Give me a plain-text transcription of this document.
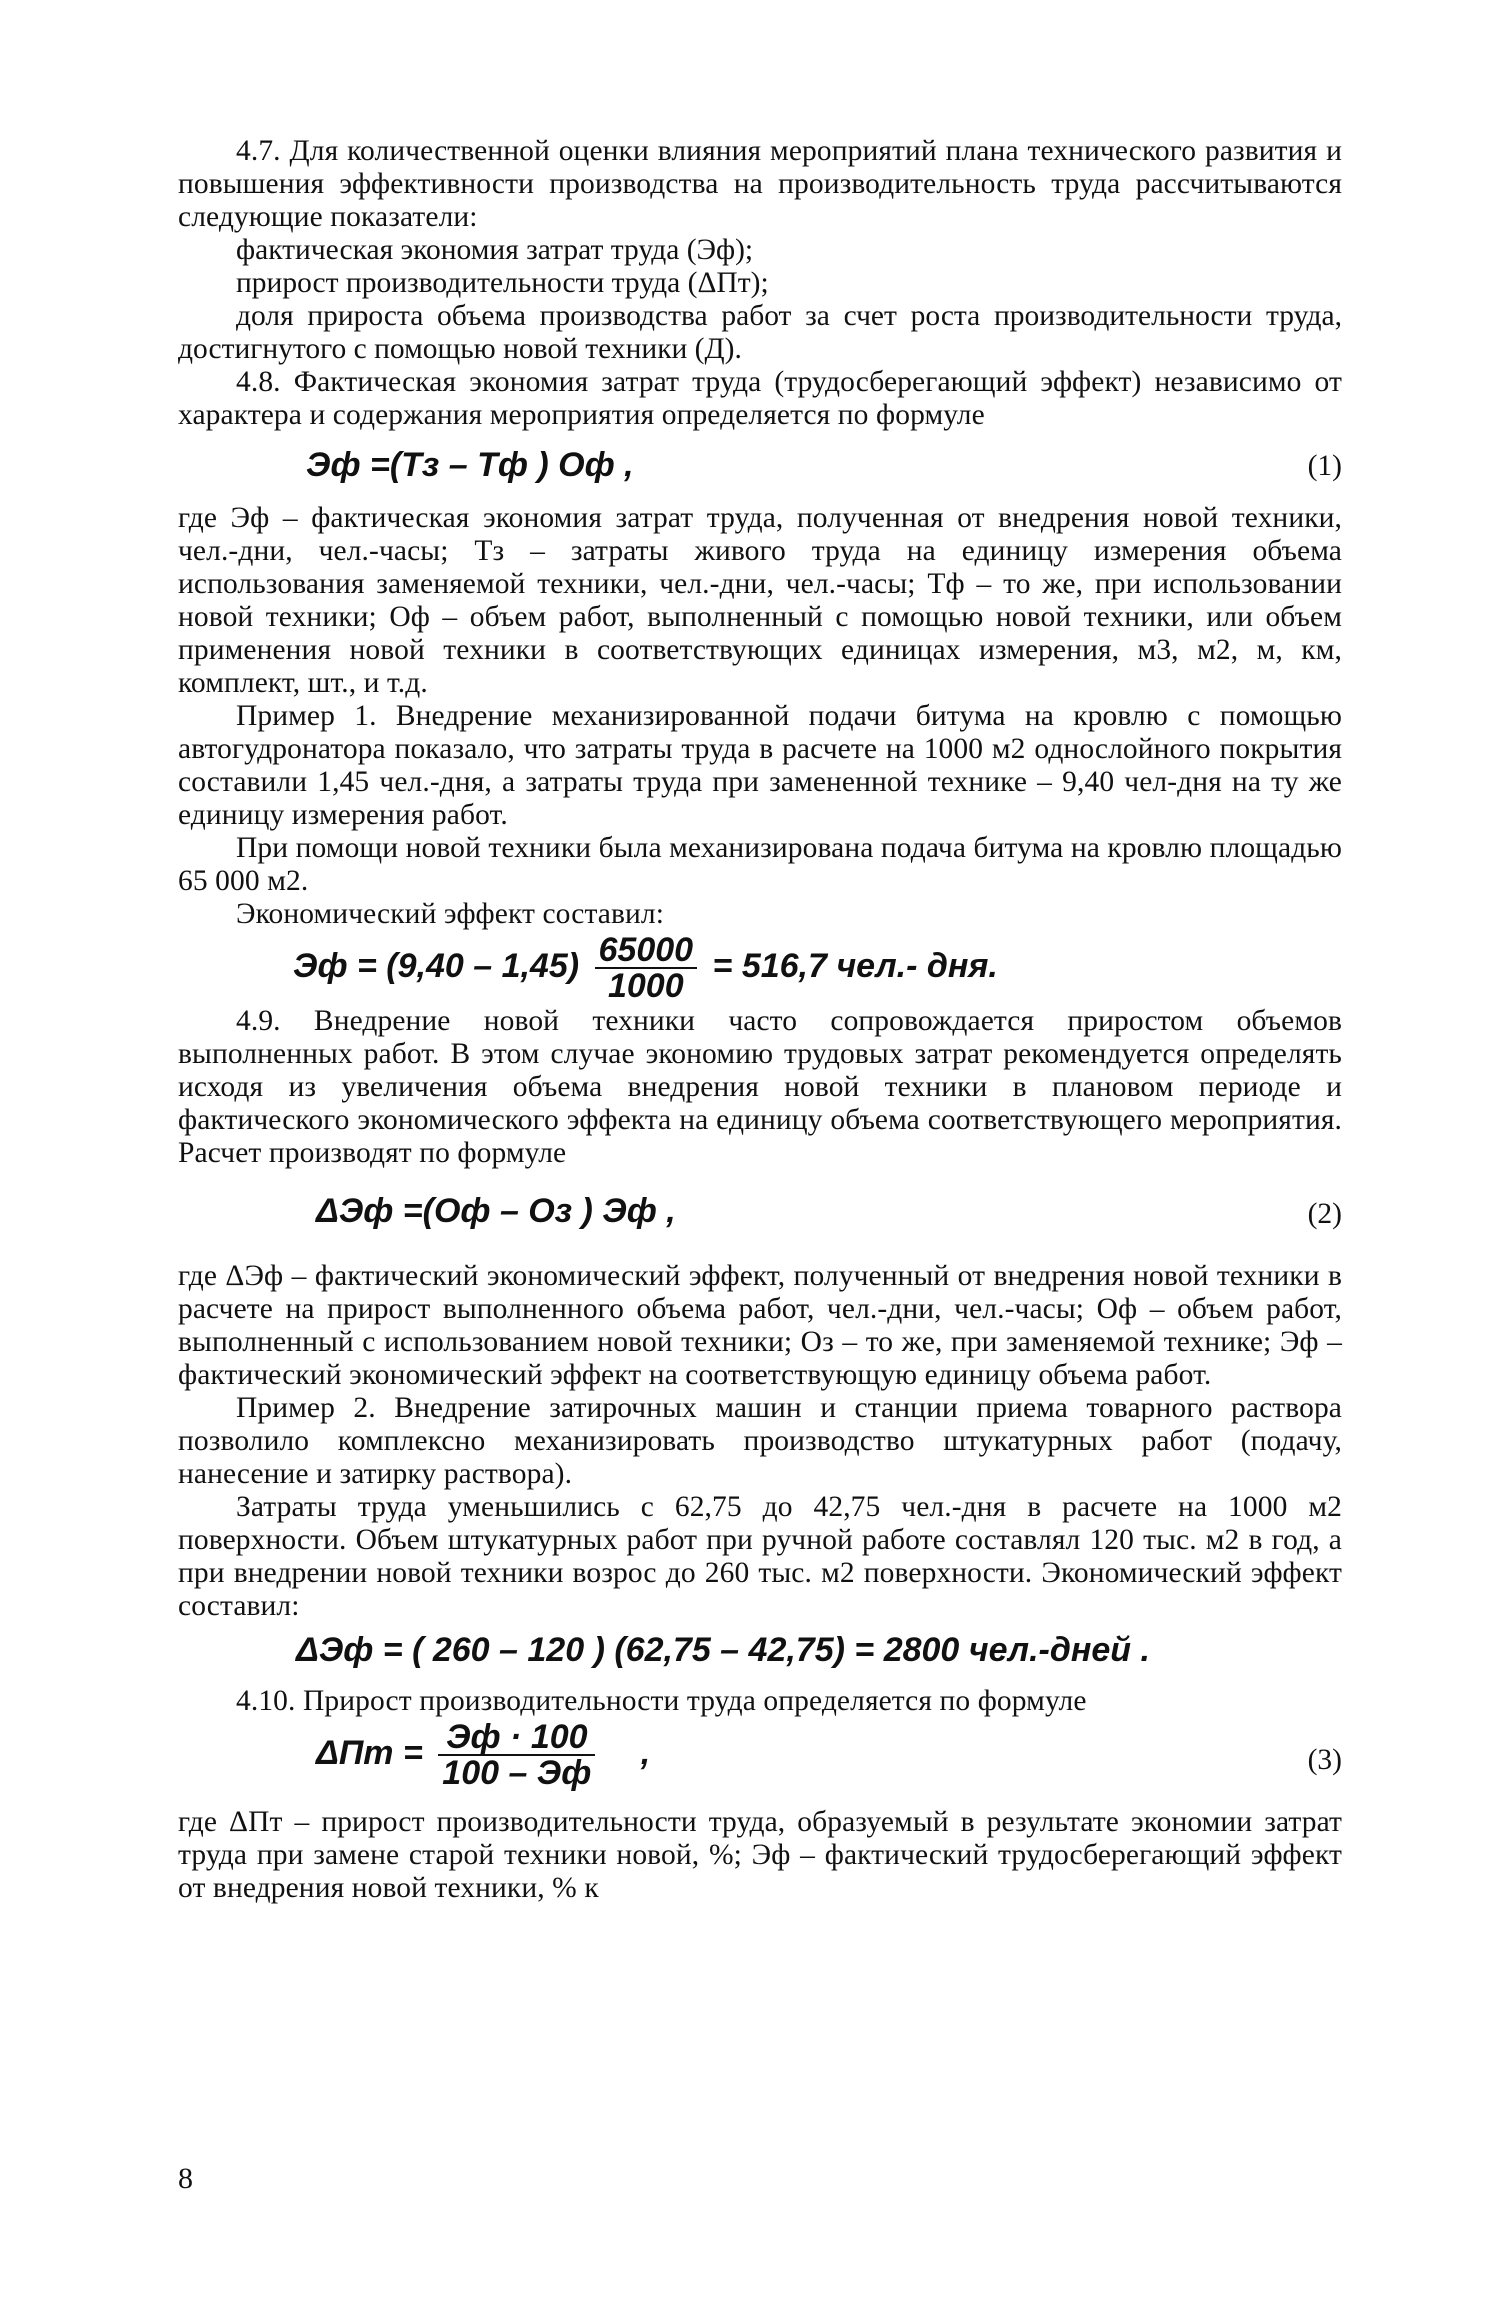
4.7. Для количественной оценки влияния мероприятий плана технического развития и повышения эффективности производства на производительность труда рассчитываются следующие показатели:

фактическая экономия затрат труда (Эф);

прирост производительности труда (ΔПт);

доля прироста объема производства работ за счет роста производительности труда, достигнутого с помощью новой техники (Д).

4.8. Фактическая экономия затрат труда (трудосберегающий эффект) независимо от характера и содержания мероприятия определяется по формуле

Эф =(Тз – Тф ) Оф ,	(1)

где Эф – фактическая экономия затрат труда, полученная от внедрения новой техники, чел.-дни, чел.-часы; Тз – затраты живого труда на единицу измерения объема использования заменяемой техники, чел.-дни, чел.-часы; Тф – то же, при использовании новой техники; Оф – объем работ, выполненный с помощью новой техники, или объем применения новой техники в соответствующих единицах измерения, м3, м2, м, км, комплект, шт., и т.д.

Пример 1. Внедрение механизированной подачи битума на кровлю с помощью автогудронатора показало, что затраты труда в расчете на 1000 м2 однослойного покрытия составили 1,45 чел.-дня, а затраты труда при замененной технике – 9,40 чел-дня на ту же единицу измерения работ.

При помощи новой техники была механизирована подача битума на кровлю площадью 65 000 м2.

Экономический эффект составил:

Эф = $(9,40 - 1,45) \frac{65000}{1000} = 516,7$ чел.- дня.

4.9. Внедрение новой техники часто сопровождается приростом объемов выполненных работ. В этом случае экономию трудовых затрат рекомендуется определять исходя из увеличения объема внедрения новой техники в плановом периоде и фактического экономического эффекта на единицу объема соответствующего мероприятия. Расчет производят по формуле

ΔЭф =(Оф – Оз ) Эф ,	(2)

где ΔЭф – фактический экономический эффект, полученный от внедрения новой техники в расчете на прирост выполненного объема работ, чел.-дни, чел.-часы; Оф – объем работ, выполненный с использованием новой техники; Оз – то же, при заменяемой технике; Эф – фактический экономический эффект на соответствующую единицу объема работ.

Пример 2. Внедрение затирочных машин и станции приема товарного раствора позволило комплексно механизировать производство штукатурных работ (подачу, нанесение и затирку раствора).

Затраты труда уменьшились с 62,75 до 42,75 чел.-дня в расчете на 1000 м2 поверхности. Объем штукатурных работ при ручной работе составлял 120 тыс. м2 в год, а при внедрении новой техники возрос до 260 тыс. м2 поверхности. Экономический эффект составил:

ΔЭф = ( 260 – 120 ) (62,75 – 42,75) = 2800 чел.-дней .

4.10. Прирост производительности труда определяется по формуле

$\Delta Пт = \frac{Эф \cdot 100}{100 - Эф}$ ,	(3)

где ΔПт – прирост производительности труда, образуемый в результате экономии затрат труда при замене старой техники новой, %; Эф – фактический трудосберегающий эффект от внедрения новой техники, % к

8
